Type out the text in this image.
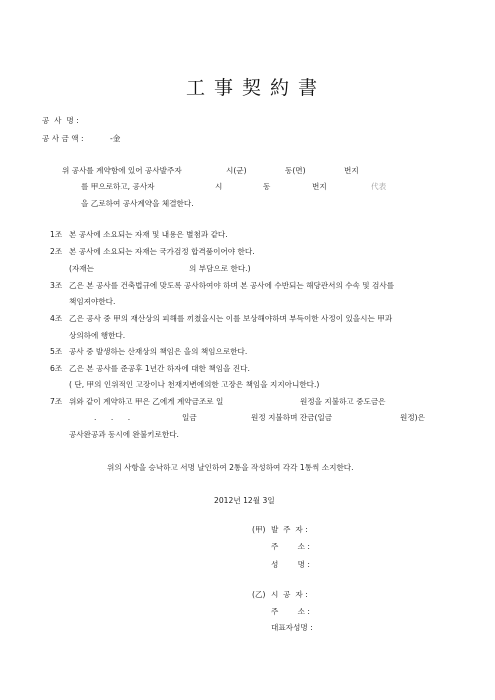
工事契約書
공  사  명 :
공 사 금 액 :	-金
위 공사를 계약함에 있어 공사발주자	시(군)	동(면)	번지
를 甲으로하고, 공사자	시	동	번지	代表
을 乙로하여 공사계약을 체결한다.
1조 본 공사에 소요되는 자재 및 내용은 별첨과 같다.
2조 본 공사에 소요되는 자재는 국가검정 합격품이어야 한다.
(자재는	의 부담으로 한다.)
3조 乙은 본 공사를 건축법규에 맞도록 공사하여야 하며 본 공사에 수반되는 해당관서의 수속 및 검사를
책임져야한다.
4조 乙은 공사 중 甲의 재산상의 피해를 끼쳤을시는 이를 보상해야하며 부득이한 사정이 있을시는 甲과
상의하에 행한다.
5조 공사 중 발생하는 산재상의 책임은 을의 책임으로한다.
6조 乙은 본 공사를 준공후 1년간 하자에 대한 책임을 진다.
( 단, 甲의 인위적인 고장이나 천재지변에의한 고장은 책임을 지지아니한다.)
7조 위와 같이 계약하고 甲은 乙에게 계약금조로 일	원정을 지불하고 중도금은
.      .      .	일금	원정 지불하며 잔금(일금	원정)은
공사완공과 동시에 완불키로한다.
위의 사항을 승낙하고 서명 날인하여 2통을 작성하여 각각 1통씩 소지한다.
2012년 12월 3일
(甲) 발  주  자 :
주        소 :
성        명 :
(乙) 시  공  자 :
주        소 :
대표자성명 :
